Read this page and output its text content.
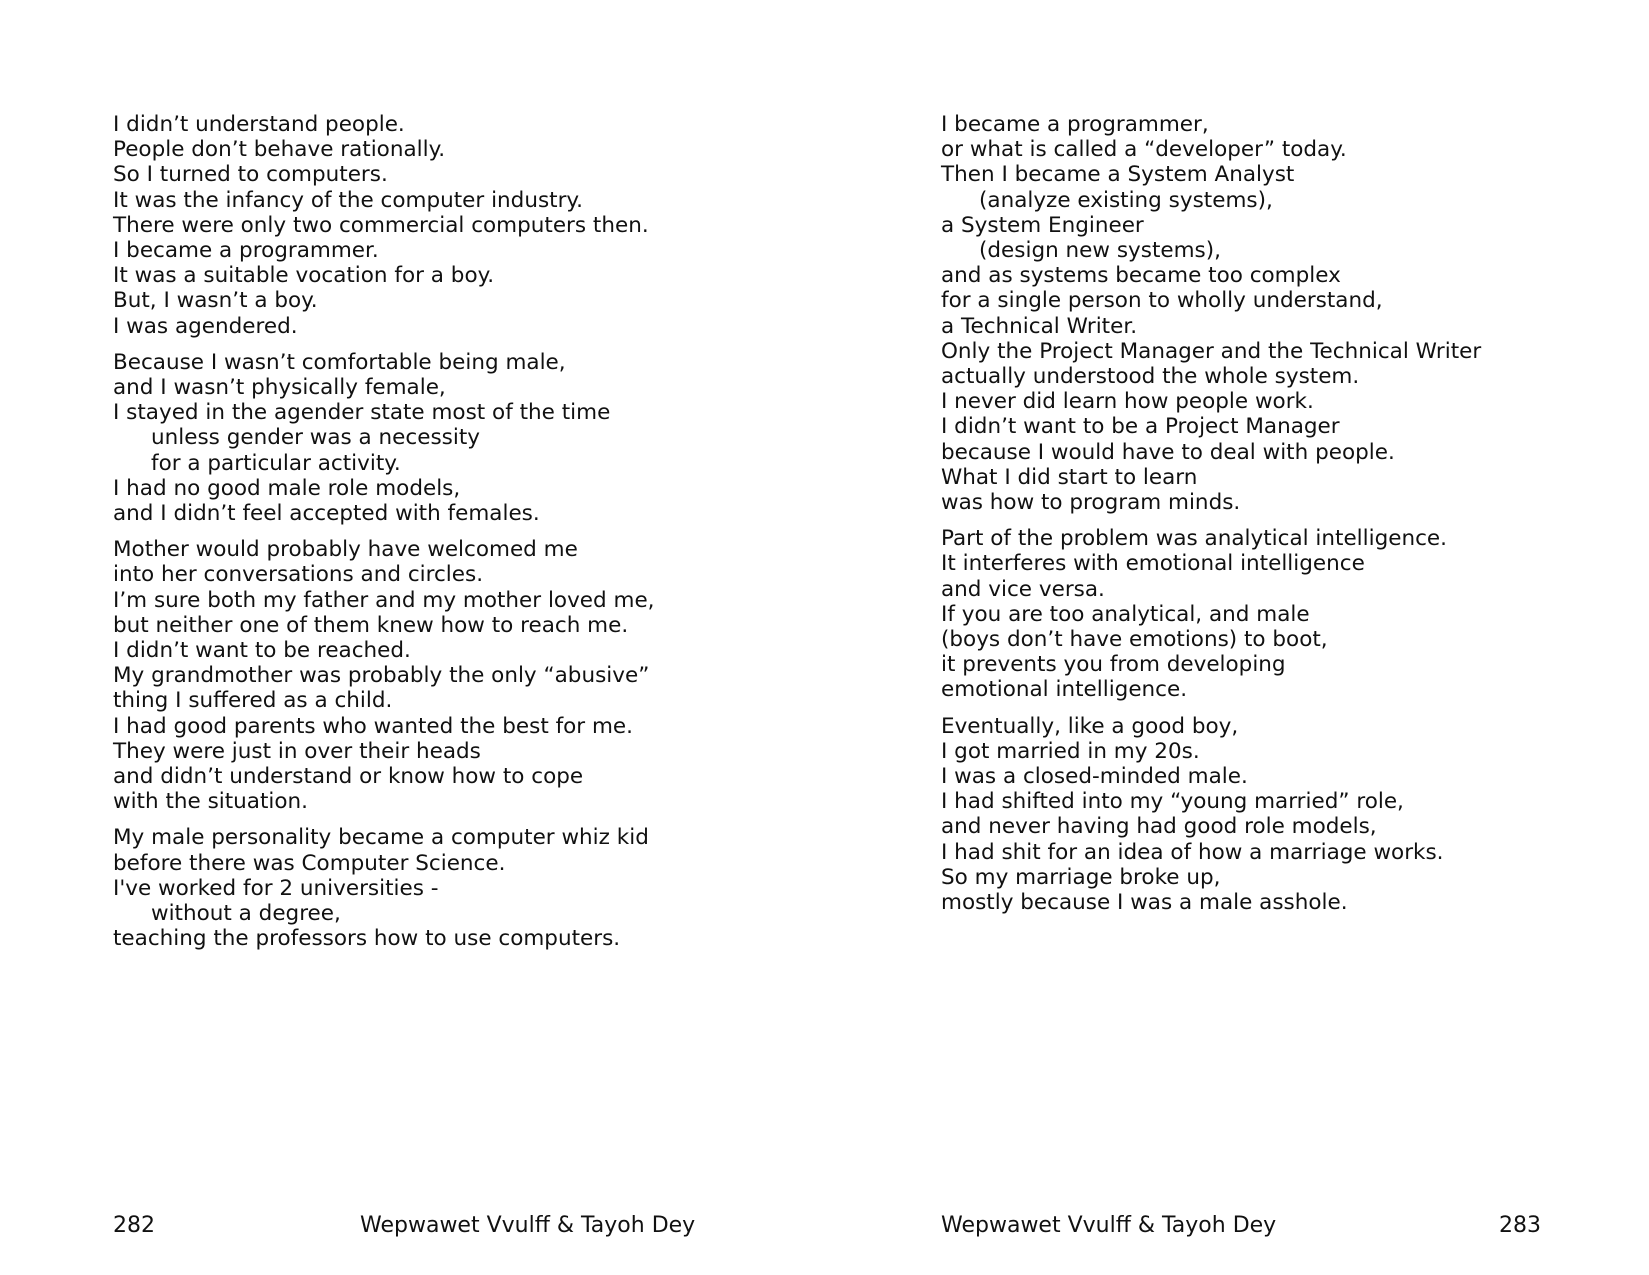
I didn’t understand people.
People don’t behave rationally.
So I turned to computers.
It was the infancy of the computer industry.
There were only two commercial computers then.
I became a programmer.
It was a suitable vocation for a boy.
But, I wasn’t a boy.
I was agendered.
Because I wasn’t comfortable being male,
and I wasn’t physically female,
I stayed in the agender state most of the time
unless gender was a necessity
for a particular activity.
I had no good male role models,
and I didn’t feel accepted with females.
Mother would probably have welcomed me
into her conversations and circles.
I’m sure both my father and my mother loved me,
but neither one of them knew how to reach me.
I didn’t want to be reached.
My grandmother was probably the only “abusive”
thing I suffered as a child.
I had good parents who wanted the best for me.
They were just in over their heads
and didn’t understand or know how to cope
with the situation.
My male personality became a computer whiz kid
before there was Computer Science.
I've worked for 2 universities -
without a degree,
teaching the professors how to use computers.
282	Wepwawet Vvulff & Tayoh Dey
I became a programmer,
or what is called a “developer” today.
Then I became a System Analyst
(analyze existing systems),
a System Engineer
(design new systems),
and as systems became too complex
for a single person to wholly understand,
a Technical Writer.
Only the Project Manager and the Technical Writer
actually understood the whole system.
I never did learn how people work.
I didn’t want to be a Project Manager
because I would have to deal with people.
What I did start to learn
was how to program minds.
Part of the problem was analytical intelligence.
It interferes with emotional intelligence
and vice versa.
If you are too analytical, and male
(boys don’t have emotions) to boot,
it prevents you from developing
emotional intelligence.
Eventually, like a good boy,
I got married in my 20s.
I was a closed-minded male.
I had shifted into my “young married” role,
and never having had good role models,
I had shit for an idea of how a marriage works.
So my marriage broke up,
mostly because I was a male asshole.
Wepwawet Vvulff & Tayoh Dey	283
